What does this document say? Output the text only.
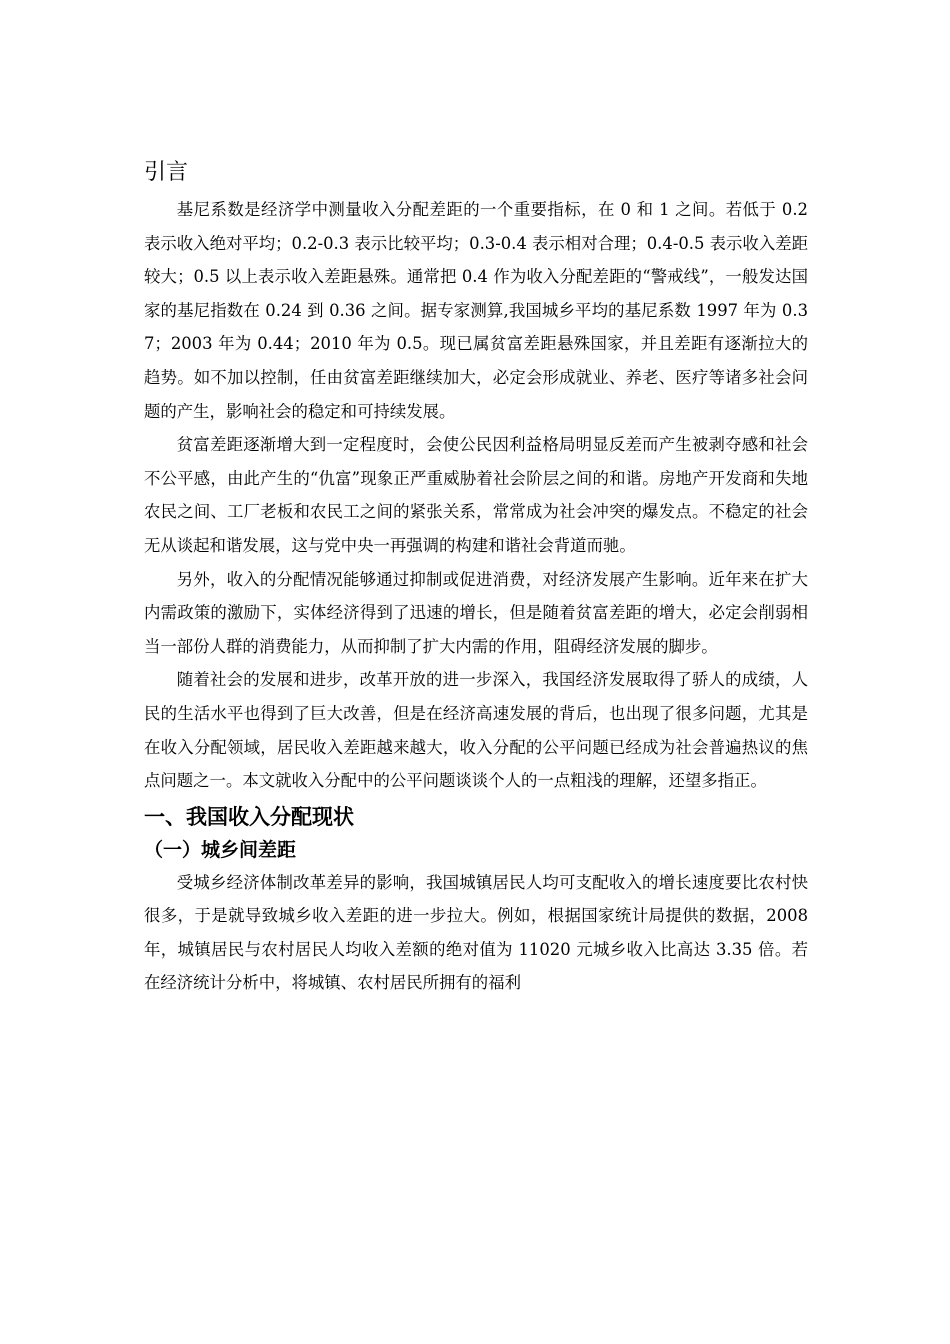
引言

基尼系数是经济学中测量收入分配差距的一个重要指标，在 0 和 1 之间。若低于 0.2 表示收入绝对平均；0.2-0.3 表示比较平均；0.3-0.4 表示相对合理；0.4-0.5 表示收入差距较大；0.5 以上表示收入差距悬殊。通常把 0.4 作为收入分配差距的“警戒线”，一般发达国家的基尼指数在 0.24 到 0.36 之间。据专家测算,我国城乡平均的基尼系数 1997 年为 0.37；2003 年为 0.44；2010 年为 0.5。现已属贫富差距悬殊国家，并且差距有逐渐拉大的趋势。如不加以控制，任由贫富差距继续加大，必定会形成就业、养老、医疗等诸多社会问题的产生，影响社会的稳定和可持续发展。

贫富差距逐渐增大到一定程度时，会使公民因利益格局明显反差而产生被剥夺感和社会不公平感，由此产生的“仇富”现象正严重威胁着社会阶层之间的和谐。房地产开发商和失地农民之间、工厂老板和农民工之间的紧张关系，常常成为社会冲突的爆发点。不稳定的社会无从谈起和谐发展，这与党中央一再强调的构建和谐社会背道而驰。

另外，收入的分配情况能够通过抑制或促进消费，对经济发展产生影响。近年来在扩大内需政策的激励下，实体经济得到了迅速的增长，但是随着贫富差距的增大，必定会削弱相当一部份人群的消费能力，从而抑制了扩大内需的作用，阻碍经济发展的脚步。

随着社会的发展和进步，改革开放的进一步深入，我国经济发展取得了骄人的成绩，人民的生活水平也得到了巨大改善，但是在经济高速发展的背后，也出现了很多问题，尤其是在收入分配领域，居民收入差距越来越大，收入分配的公平问题已经成为社会普遍热议的焦点问题之一。本文就收入分配中的公平问题谈谈个人的一点粗浅的理解，还望多指正。

一、我国收入分配现状
（一）城乡间差距

受城乡经济体制改革差异的影响，我国城镇居民人均可支配收入的增长速度要比农村快很多，于是就导致城乡收入差距的进一步拉大。例如，根据国家统计局提供的数据，2008 年，城镇居民与农村居民人均收入差额的绝对值为 11020 元城乡收入比高达 3.35 倍。若在经济统计分析中，将城镇、农村居民所拥有的福利
